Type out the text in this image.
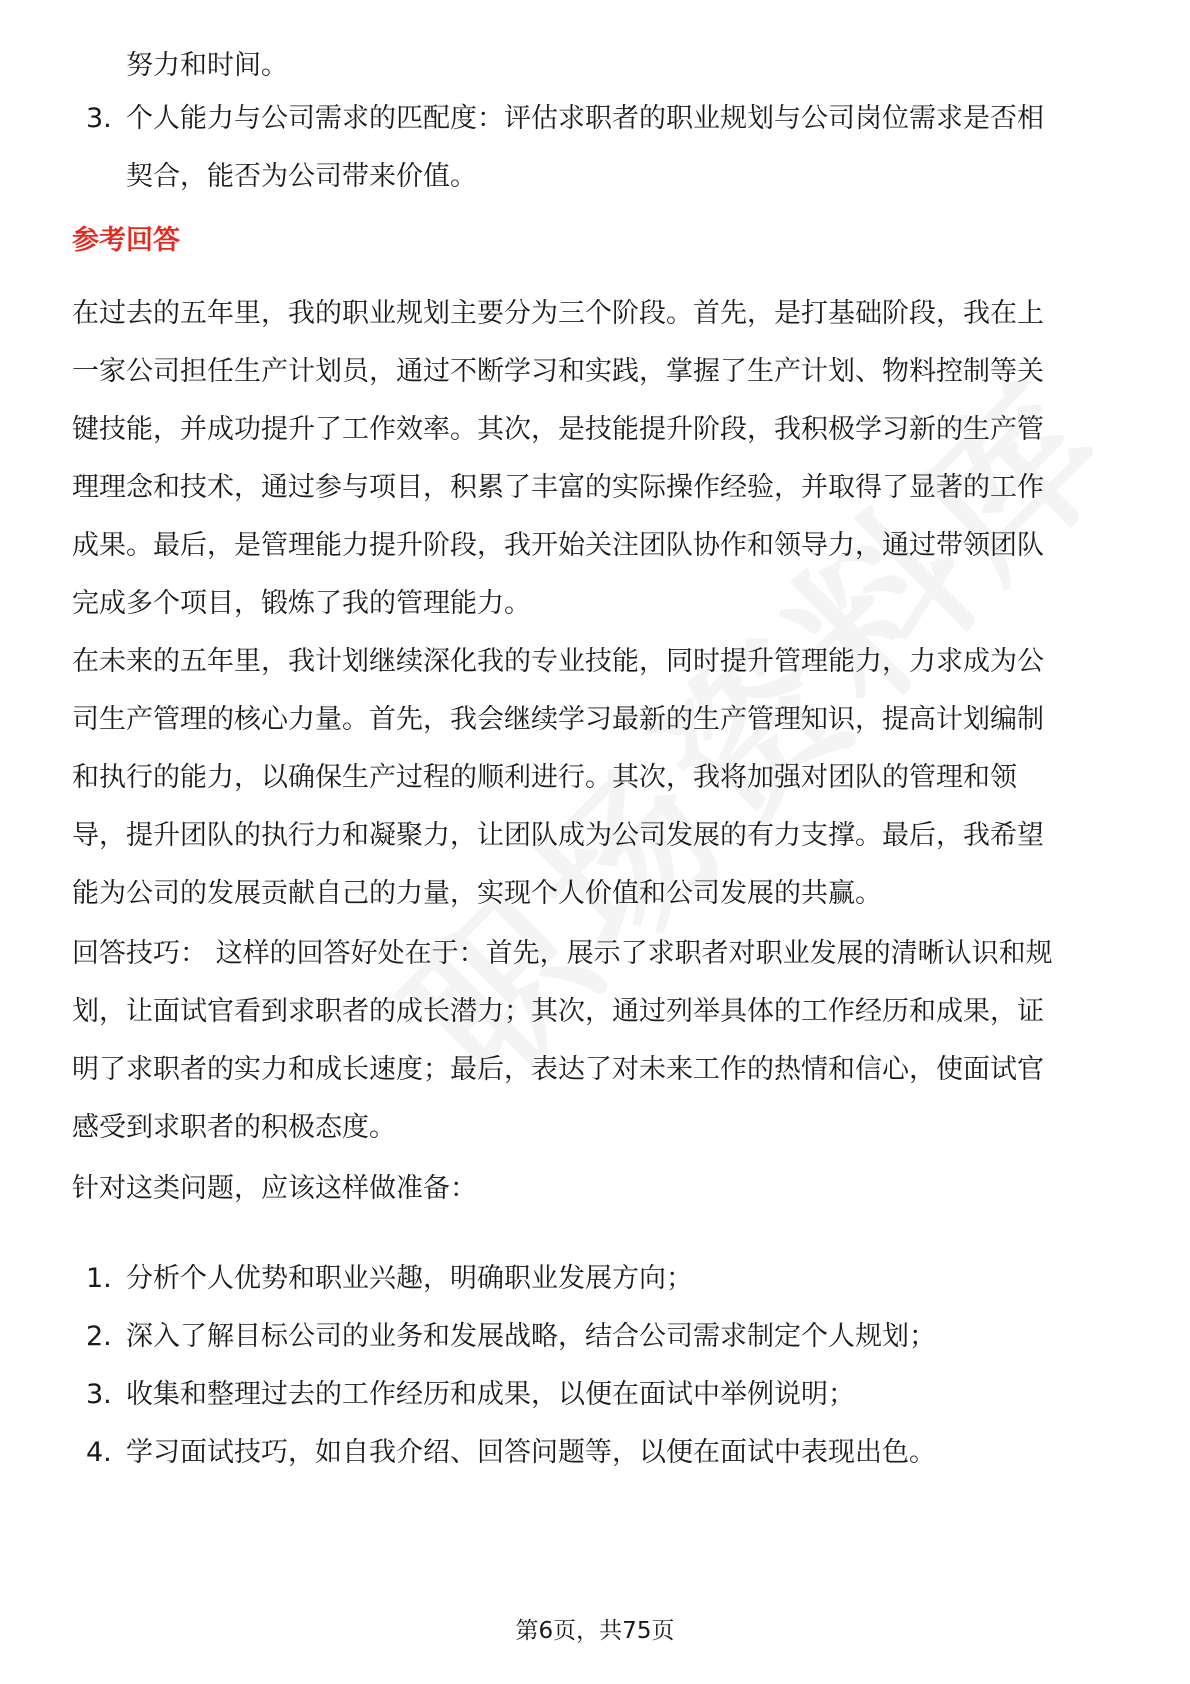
努力和时间。
3. 个人能力与公司需求的匹配度：评估求职者的职业规划与公司岗位需求是否相
契合，能否为公司带来价值。
参考回答
在过去的五年里，我的职业规划主要分为三个阶段。首先，是打基础阶段，我在上
一家公司担任生产计划员，通过不断学习和实践，掌握了生产计划、物料控制等关
键技能，并成功提升了工作效率。其次，是技能提升阶段，我积极学习新的生产管
理理念和技术，通过参与项目，积累了丰富的实际操作经验，并取得了显著的工作
成果。最后，是管理能力提升阶段，我开始关注团队协作和领导力，通过带领团队
完成多个项目，锻炼了我的管理能力。
在未来的五年里，我计划继续深化我的专业技能，同时提升管理能力，力求成为公
司生产管理的核心力量。首先，我会继续学习最新的生产管理知识，提高计划编制
和执行的能力，以确保生产过程的顺利进行。其次，我将加强对团队的管理和领
导，提升团队的执行力和凝聚力，让团队成为公司发展的有力支撑。最后，我希望
能为公司的发展贡献自己的力量，实现个人价值和公司发展的共赢。
回答技巧： 这样的回答好处在于：首先，展示了求职者对职业发展的清晰认识和规
划，让面试官看到求职者的成长潜力；其次，通过列举具体的工作经历和成果，证
明了求职者的实力和成长速度；最后，表达了对未来工作的热情和信心，使面试官
感受到求职者的积极态度。
针对这类问题，应该这样做准备：
1. 分析个人优势和职业兴趣，明确职业发展方向；
2. 深入了解目标公司的业务和发展战略，结合公司需求制定个人规划；
3. 收集和整理过去的工作经历和成果，以便在面试中举例说明；
4. 学习面试技巧，如自我介绍、回答问题等，以便在面试中表现出色。
第6页，共75页
